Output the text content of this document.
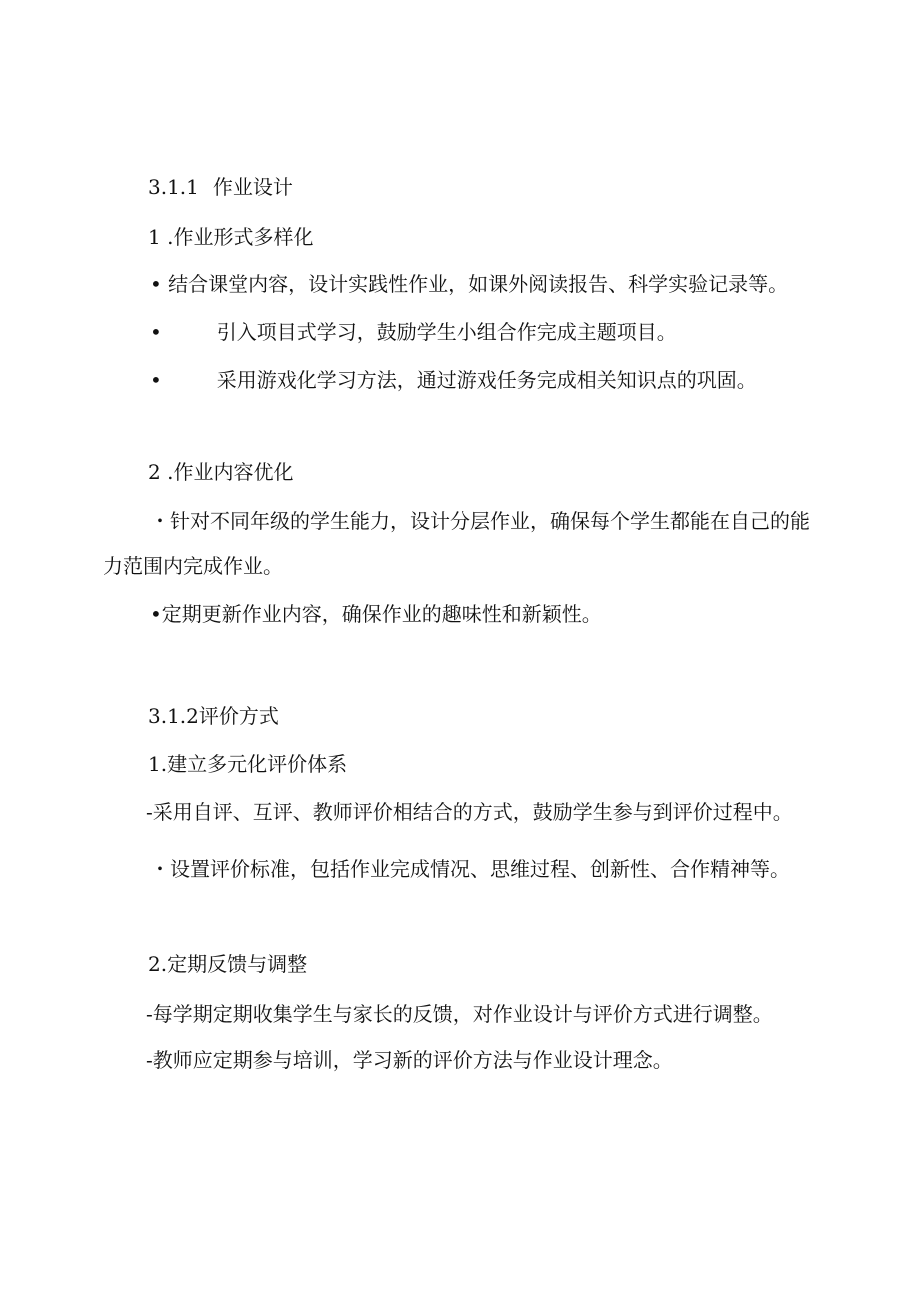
3.1.1 作业设计
1 .作业形式多样化
• 结合课堂内容，设计实践性作业，如课外阅读报告、科学实验记录等。
•	引入项目式学习，鼓励学生小组合作完成主题项目。
•	采用游戏化学习方法，通过游戏任务完成相关知识点的巩固。
2 .作业内容优化
・针对不同年级的学生能力，设计分层作业，确保每个学生都能在自己的能
力范围内完成作业。
•定期更新作业内容，确保作业的趣味性和新颖性。
3.1.2评价方式
1.建立多元化评价体系
-采用自评、互评、教师评价相结合的方式，鼓励学生参与到评价过程中。
・设置评价标准，包括作业完成情况、思维过程、创新性、合作精神等。
2.定期反馈与调整
-每学期定期收集学生与家长的反馈，对作业设计与评价方式进行调整。
-教师应定期参与培训，学习新的评价方法与作业设计理念。
